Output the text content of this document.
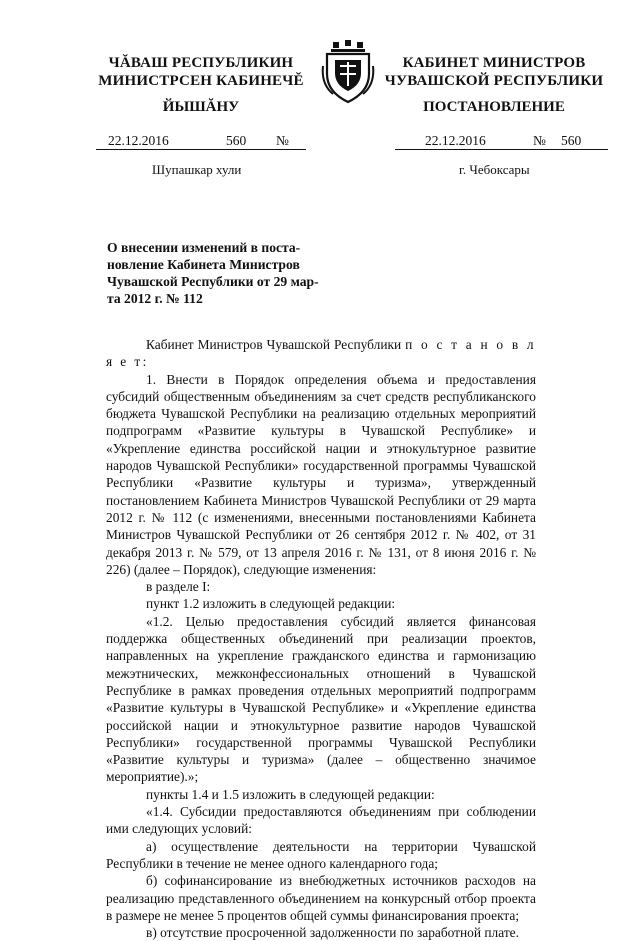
ЧĂВАШ РЕСПУБЛИКИН
МИНИСТРСЕН КАБИНЕЧĔ
КАБИНЕТ МИНИСТРОВ
ЧУВАШСКОЙ РЕСПУБЛИКИ
ЙЫШĂНУ	ПОСТАНОВЛЕНИЕ
22.12.2016	560 №	22.12.2016	№ 560
Шупашкар хули	г. Чебоксары
О внесении изменений в поста-
новление Кабинета Министров
Чувашской Республики от 29 мар-
та 2012 г. № 112

Кабинет Министров Чувашской Республики п о с т а н о в л я е т:

1. Внести в Порядок определения объема и предоставления субсидий общественным объединениям за счет средств республиканского бюджета Чувашской Республики на реализацию отдельных мероприятий подпрограмм «Развитие культуры в Чувашской Республике» и «Укрепление единства российской нации и этнокультурное развитие народов Чувашской Республики» государственной программы Чувашской Республики «Развитие культуры и туризма», утвержденный постановлением Кабинета Министров Чувашской Республики от 29 марта 2012 г. № 112 (с изменениями, внесенными постановлениями Кабинета Министров Чувашской Республики от 26 сентября 2012 г. № 402, от 31 декабря 2013 г. № 579, от 13 апреля 2016 г. № 131, от 8 июня 2016 г. № 226) (далее – Порядок), следующие изменения:

в разделе I:

пункт 1.2 изложить в следующей редакции:

«1.2. Целью предоставления субсидий является финансовая поддержка общественных объединений при реализации проектов, направленных на укрепление гражданского единства и гармонизацию межэтнических, межконфессиональных отношений в Чувашской Республике в рамках проведения отдельных мероприятий подпрограмм «Развитие культуры в Чувашской Республике» и «Укрепление единства российской нации и этнокультурное развитие народов Чувашской Республики» государственной программы Чувашской Республики «Развитие культуры и туризма» (далее – общественно значимое мероприятие).»;

пункты 1.4 и 1.5 изложить в следующей редакции:

«1.4. Субсидии предоставляются объединениям при соблюдении ими следующих условий:

а) осуществление деятельности на территории Чувашской Республики в течение не менее одного календарного года;

б) софинансирование из внебюджетных источников расходов на реализацию представленного объединением на конкурсный отбор проекта в размере не менее 5 процентов общей суммы финансирования проекта;

в) отсутствие просроченной задолженности по заработной плате.
